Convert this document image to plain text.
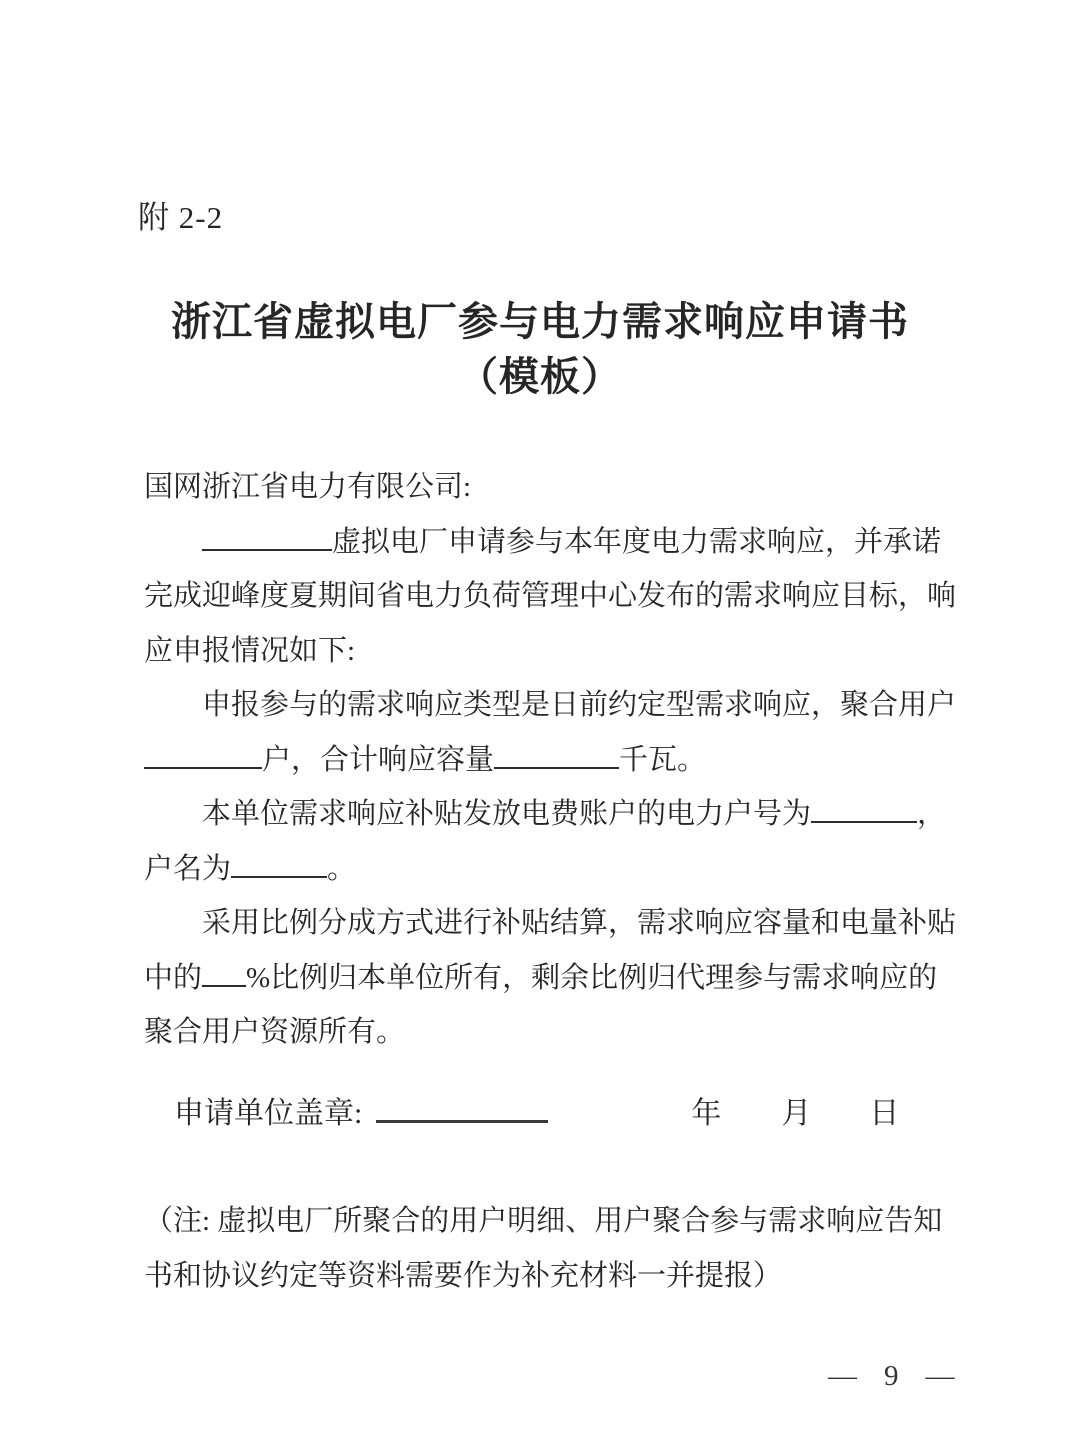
附 2-2
浙江省虚拟电厂参与电力需求响应申请书
（模板）
国网浙江省电力有限公司:
虚拟电厂申请参与本年度电力需求响应，并承诺
完成迎峰度夏期间省电力负荷管理中心发布的需求响应目标，响
应申报情况如下:
申报参与的需求响应类型是日前约定型需求响应，聚合用户
户，合计响应容量	千瓦。
本单位需求响应补贴发放电费账户的电力户号为	，
户名为	。
采用比例分成方式进行补贴结算，需求响应容量和电量补贴
中的 %比例归本单位所有，剩余比例归代理参与需求响应的
聚合用户资源所有。
申请单位盖章:	年 月 日
（注: 虚拟电厂所聚合的用户明细、用户聚合参与需求响应告知
书和协议约定等资料需要作为补充材料一并提报）
— 9 —
